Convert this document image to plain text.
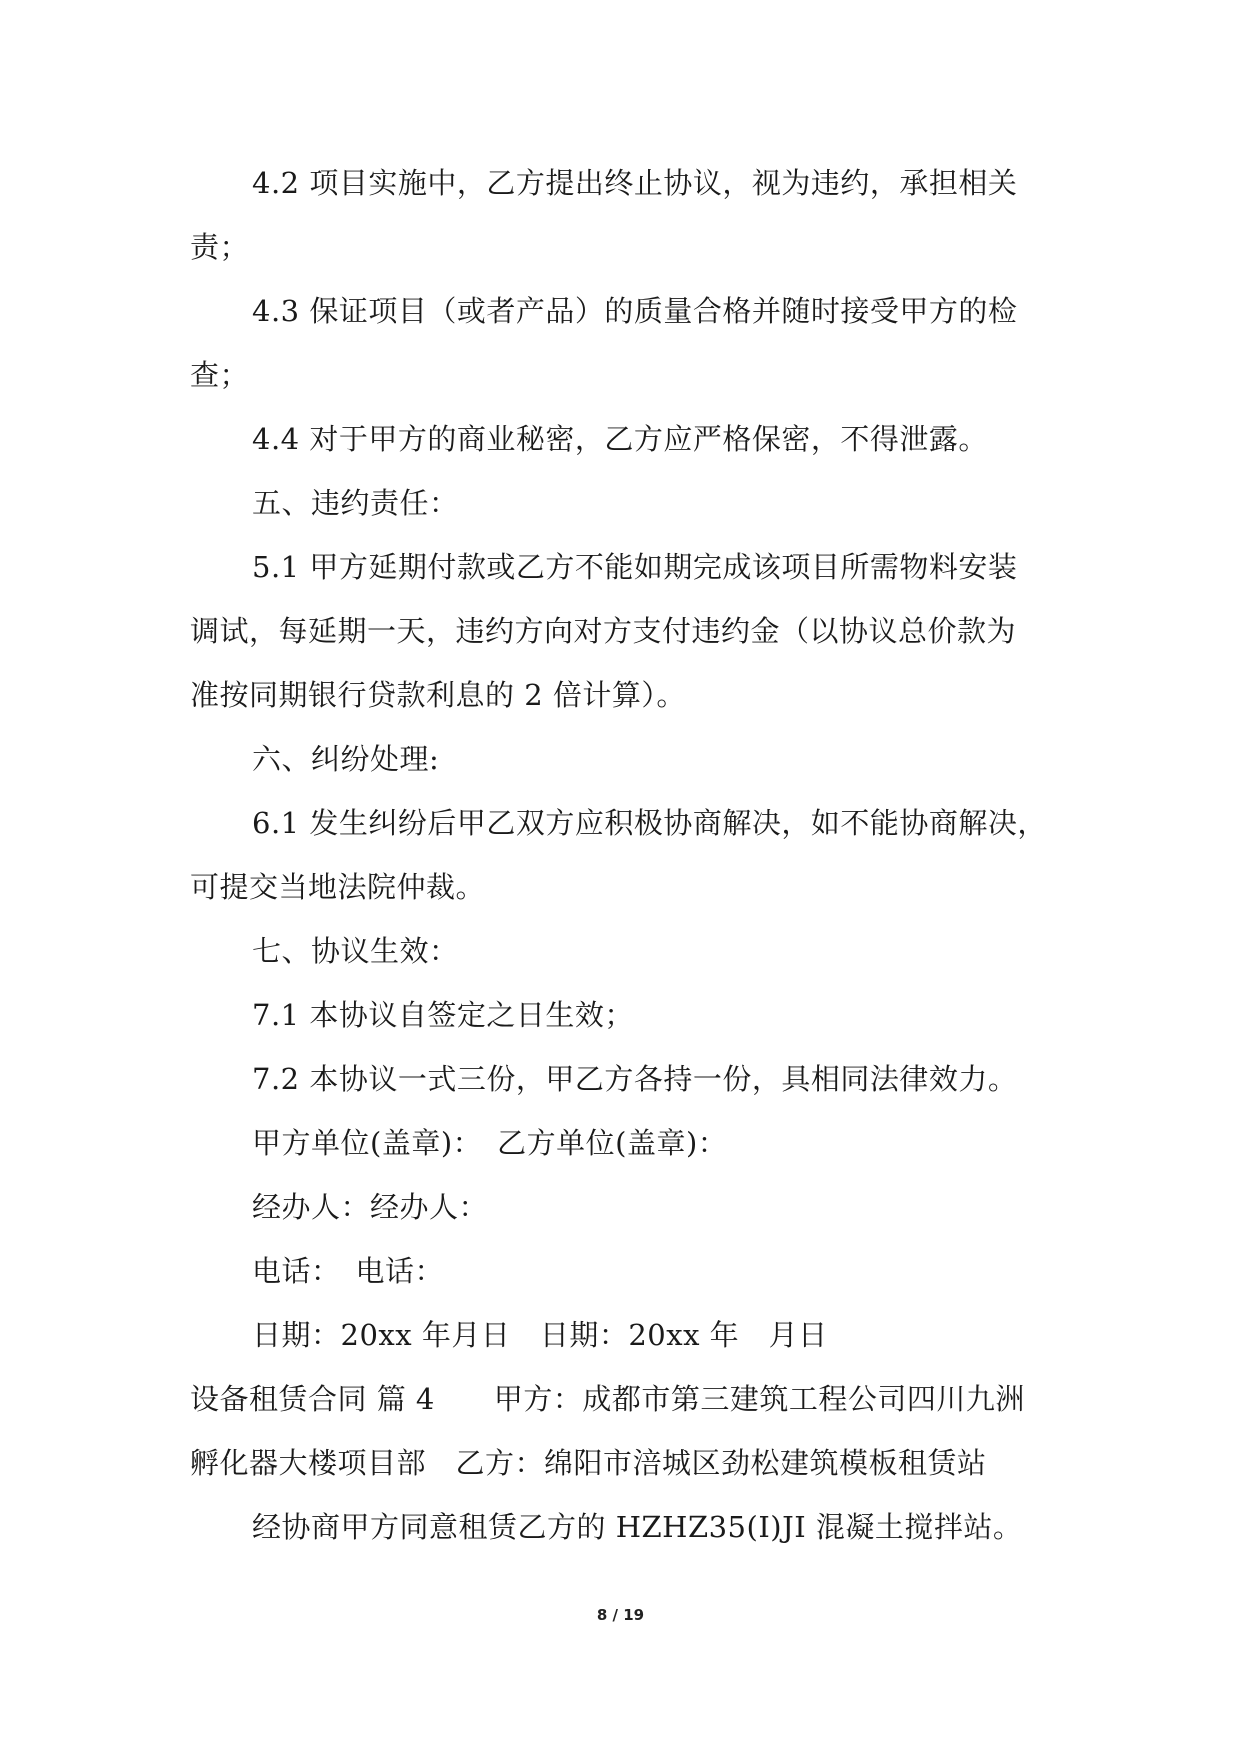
4.2 项目实施中，乙方提出终止协议，视为违约，承担相关

责；

4.3 保证项目（或者产品）的质量合格并随时接受甲方的检

查；

4.4 对于甲方的商业秘密，乙方应严格保密，不得泄露。

五、违约责任：

5.1 甲方延期付款或乙方不能如期完成该项目所需物料安装

调试，每延期一天，违约方向对方支付违约金（以协议总价款为

准按同期银行贷款利息的 2 倍计算）。

六、纠纷处理:

6.1 发生纠纷后甲乙双方应积极协商解决，如不能协商解决，

可提交当地法院仲裁。

七、协议生效：

7.1 本协议自签定之日生效；

7.2 本协议一式三份，甲乙方各持一份，具相同法律效力。

甲方单位(盖章)：　乙方单位(盖章)：

经办人：经办人：

电话：　电话：

日期：20xx 年月日　日期：20xx 年　月日

设备租赁合同 篇 4　　甲方：成都市第三建筑工程公司四川九洲

孵化器大楼项目部　乙方：绵阳市涪城区劲松建筑模板租赁站

经协商甲方同意租赁乙方的 HZHZ35(I)JI 混凝土搅拌站。

8 / 19
